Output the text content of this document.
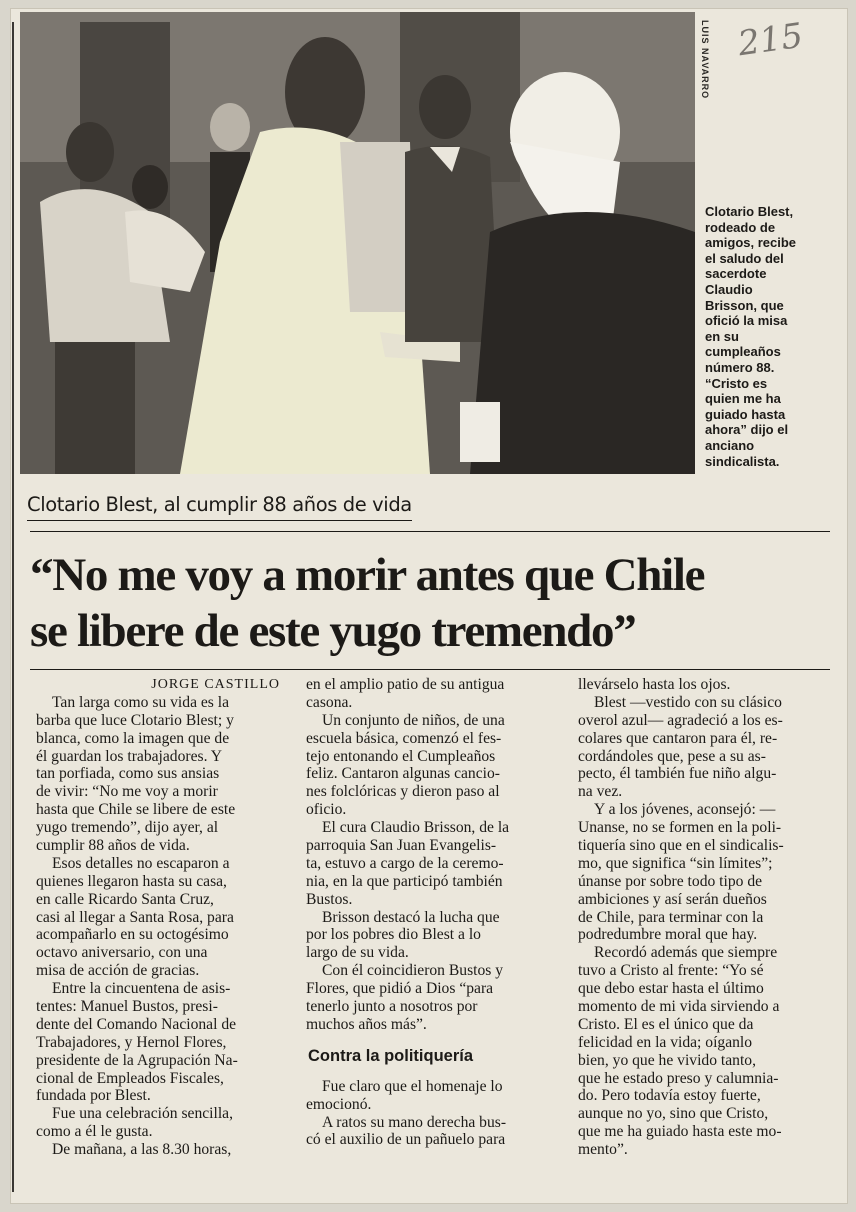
LUIS NAVARRO 215
Clotario Blest,
rodeado de
amigos, recibe
el saludo del
sacerdote
Claudio
Brisson, que
ofició la misa
en su
cumpleaños
número 88.
“Cristo es
quien me ha
guiado hasta
ahora” dijo el
anciano
sindicalista.
Clotario Blest, al cumplir 88 años de vida
“No me voy a morir antes que Chile
se libere de este yugo tremendo”
JORGE CASTILLO
Tan larga como su vida es la
barba que luce Clotario Blest; y
blanca, como la imagen que de
él guardan los trabajadores. Y
tan porfiada, como sus ansias
de vivir: “No me voy a morir
hasta que Chile se libere de este
yugo tremendo”, dijo ayer, al
cumplir 88 años de vida.
Esos detalles no escaparon a
quienes llegaron hasta su casa,
en calle Ricardo Santa Cruz,
casi al llegar a Santa Rosa, para
acompañarlo en su octogésimo
octavo aniversario, con una
misa de acción de gracias.
Entre la cincuentena de asis-
tentes: Manuel Bustos, presi-
dente del Comando Nacional de
Trabajadores, y Hernol Flores,
presidente de la Agrupación Na-
cional de Empleados Fiscales,
fundada por Blest.
Fue una celebración sencilla,
como a él le gusta.
De mañana, a las 8.30 horas,
en el amplio patio de su antigua
casona.
Un conjunto de niños, de una
escuela básica, comenzó el fes-
tejo entonando el Cumpleaños
feliz. Cantaron algunas cancio-
nes folclóricas y dieron paso al
oficio.
El cura Claudio Brisson, de la
parroquia San Juan Evangelis-
ta, estuvo a cargo de la ceremo-
nia, en la que participó también
Bustos.
Brisson destacó la lucha que
por los pobres dio Blest a lo
largo de su vida.
Con él coincidieron Bustos y
Flores, que pidió a Dios “para
tenerlo junto a nosotros por
muchos años más”.
Contra la politiquería
Fue claro que el homenaje lo
emocionó.
A ratos su mano derecha bus-
có el auxilio de un pañuelo para
llevárselo hasta los ojos.
Blest —vestido con su clásico
overol azul— agradeció a los es-
colares que cantaron para él, re-
cordándoles que, pese a su as-
pecto, él también fue niño algu-
na vez.
Y a los jóvenes, aconsejó: —
Unanse, no se formen en la poli-
tiquería sino que en el sindicalis-
mo, que significa “sin límites”;
únanse por sobre todo tipo de
ambiciones y así serán dueños
de Chile, para terminar con la
podredumbre moral que hay.
Recordó además que siempre
tuvo a Cristo al frente: “Yo sé
que debo estar hasta el último
momento de mi vida sirviendo a
Cristo. El es el único que da
felicidad en la vida; oíganlo
bien, yo que he vivido tanto,
que he estado preso y calumnia-
do. Pero todavía estoy fuerte,
aunque no yo, sino que Cristo,
que me ha guiado hasta este mo-
mento”.
